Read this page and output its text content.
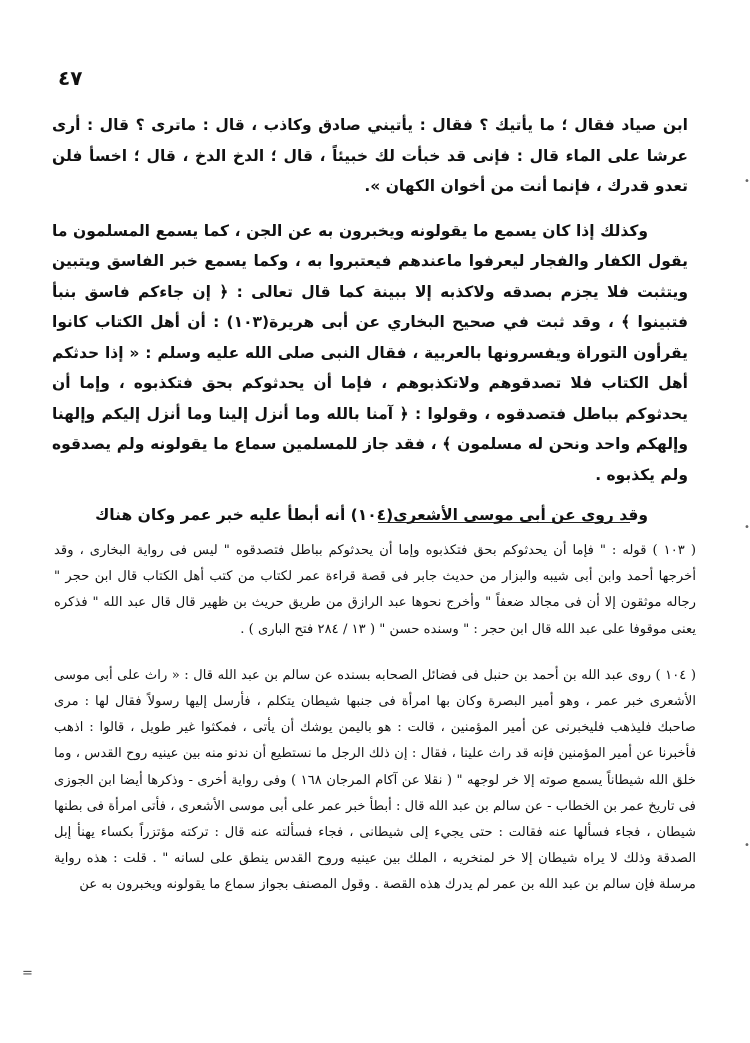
٤٧

ابن صياد فقال ؛ ما يأتيك ؟ فقال : يأتيني صادق وكاذب ، قال : ماترى ؟ قال : أرى عرشا على الماء قال : فإنى قد خبأت لك خبيئاً ، قال ؛ الدخ الدخ ، قال ؛ اخسأ فلن تعدو قدرك ، فإنما أنت من أخوان الكهان ».

وكذلك إذا كان يسمع ما يقولونه ويخبرون به عن الجن ، كما يسمع المسلمون ما يقول الكفار والفجار ليعرفوا ماعندهم فيعتبروا به ، وكما يسمع خبر الفاسق ويتبين ويتثبت فلا يجزم بصدقه ولاكذبه إلا ببينة كما قال تعالى : ﴿ إن جاءكم فاسق بنبأ فتبينوا ﴾ ، وقد ثبت في صحيح البخاري عن أبى هريرة(١٠٣) : أن أهل الكتاب كانوا يقرأون التوراة ويفسرونها بالعربية ، فقال النبى صلى الله عليه وسلم : « إذا حدثكم أهل الكتاب فلا تصدقوهم ولاتكذبوهم ، فإما أن يحدثوكم بحق فتكذبوه ، وإما أن يحدثوكم بباطل فتصدقوه ، وقولوا : ﴿ آمنا بالله وما أنزل إلينا وما أنزل إليكم وإلهنا وإلهكم واحد ونحن له مسلمون ﴾ ، فقد جاز للمسلمين سماع ما يقولونه ولم يصدقوه ولم يكذبوه .

وقد روى عن أبى موسى الأشعرى(١٠٤) أنه أبطأ عليه خبر عمر وكان هناك

( ١٠٣ ) قوله : " فإما أن يحدثوكم بحق فتكذبوه وإما أن يحدثوكم بباطل فتصدقوه " ليس فى رواية البخارى ، وقد أخرجها أحمد وابن أبى شيبه والبزار من حديث جابر فى قصة قراءة عمر لكتاب من كتب أهل الكتاب قال ابن حجر " رجاله موثقون إلا أن فى مجالد ضعفاً " وأخرج نحوها عبد الرازق من طريق حريث بن ظهير قال قال عبد الله " فذكره يعنى موقوفا على عبد الله قال ابن حجر : " وسنده حسن " ( ١٣ / ٢٨٤ فتح البارى ) .

( ١٠٤ ) روى عبد الله بن أحمد بن حنبل فى فضائل الصحابه بسنده عن سالم بن عبد الله قال : « راث على أبى موسى الأشعرى خبر عمر ، وهو أمير البصرة وكان بها امرأة فى جنبها شيطان يتكلم ، فأرسل إليها رسولاً فقال لها : مرى صاحبك فليذهب فليخبرنى عن أمير المؤمنين ، قالت : هو باليمن يوشك أن يأتى ، فمكثوا غير طويل ، قالوا : اذهب فأخبرنا عن أمير المؤمنين فإنه قد راث علينا ، فقال : إن ذلك الرجل ما نستطيع أن ندنو منه بين عينيه روح القدس ، وما خلق الله شيطاناً يسمع صوته إلا خر لوجهه " ( نقلا عن آكام المرجان ١٦٨ ) وفى رواية أخرى - وذكرها أيضا ابن الجوزى فى تاريخ عمر بن الخطاب - عن سالم بن عبد الله قال : أبطأ خبر عمر على أبى موسى الأشعرى ، فأتى امرأة فى بطنها شيطان ، فجاء فسألها عنه فقالت : حتى يجيء إلى شيطانى ، فجاء فسألته عنه قال : تركته مؤتزراً بكساء يهنأ إبل الصدقة وذلك لا يراه شيطان إلا خر لمنخريه ، الملك بين عينيه وروح القدس ينطق على لسانه " . قلت : هذه رواية مرسلة فإن سالم بن عبد الله بن عمر لم يدرك هذه القصة . وقول المصنف بجواز سماع ما يقولونه ويخبرون به عن

=
•
•
•
